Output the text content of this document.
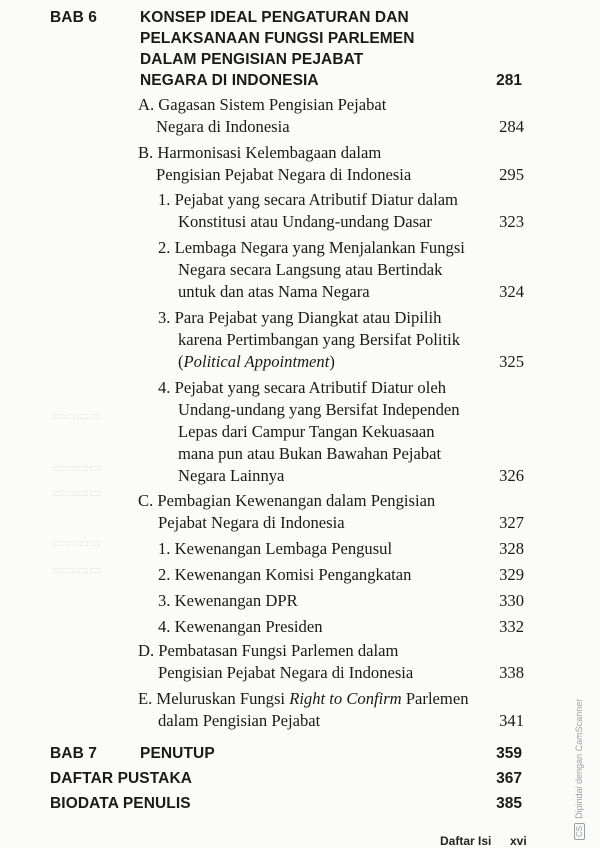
▭▭▭▭
▭▭▭▭
▭▭▭▭
▭▭▭▭
▭▭▭▭
BAB 6	KONSEP IDEAL PENGATURAN DAN
PELAKSANAAN FUNGSI PARLEMEN
DALAM PENGISIAN PEJABAT
NEGARA DI INDONESIA	281
A. Gagasan Sistem Pengisian Pejabat
Negara di Indonesia	284
B. Harmonisasi Kelembagaan dalam
Pengisian Pejabat Negara di Indonesia	295
1. Pejabat yang secara Atributif Diatur dalam
Konstitusi atau Undang-undang Dasar	323
2. Lembaga Negara yang Menjalankan Fungsi
Negara secara Langsung atau Bertindak
untuk dan atas Nama Negara	324
3. Para Pejabat yang Diangkat atau Dipilih
karena Pertimbangan yang Bersifat Politik
(Political Appointment)	325
4. Pejabat yang secara Atributif Diatur oleh
Undang-undang yang Bersifat Independen
Lepas dari Campur Tangan Kekuasaan
mana pun atau Bukan Bawahan Pejabat
Negara Lainnya	326
C. Pembagian Kewenangan dalam Pengisian
Pejabat Negara di Indonesia	327
1. Kewenangan Lembaga Pengusul	328
2. Kewenangan Komisi Pengangkatan	329
3. Kewenangan DPR	330
4. Kewenangan Presiden	332
D. Pembatasan Fungsi Parlemen dalam
Pengisian Pejabat Negara di Indonesia	338
E. Meluruskan Fungsi Right to Confirm Parlemen
dalam Pengisian Pejabat	341
BAB 7	PENUTUP	359
DAFTAR PUSTAKA	367
BIODATA PENULIS	385
Daftar Isi xvi
CSDipindai dengan CamScanner
